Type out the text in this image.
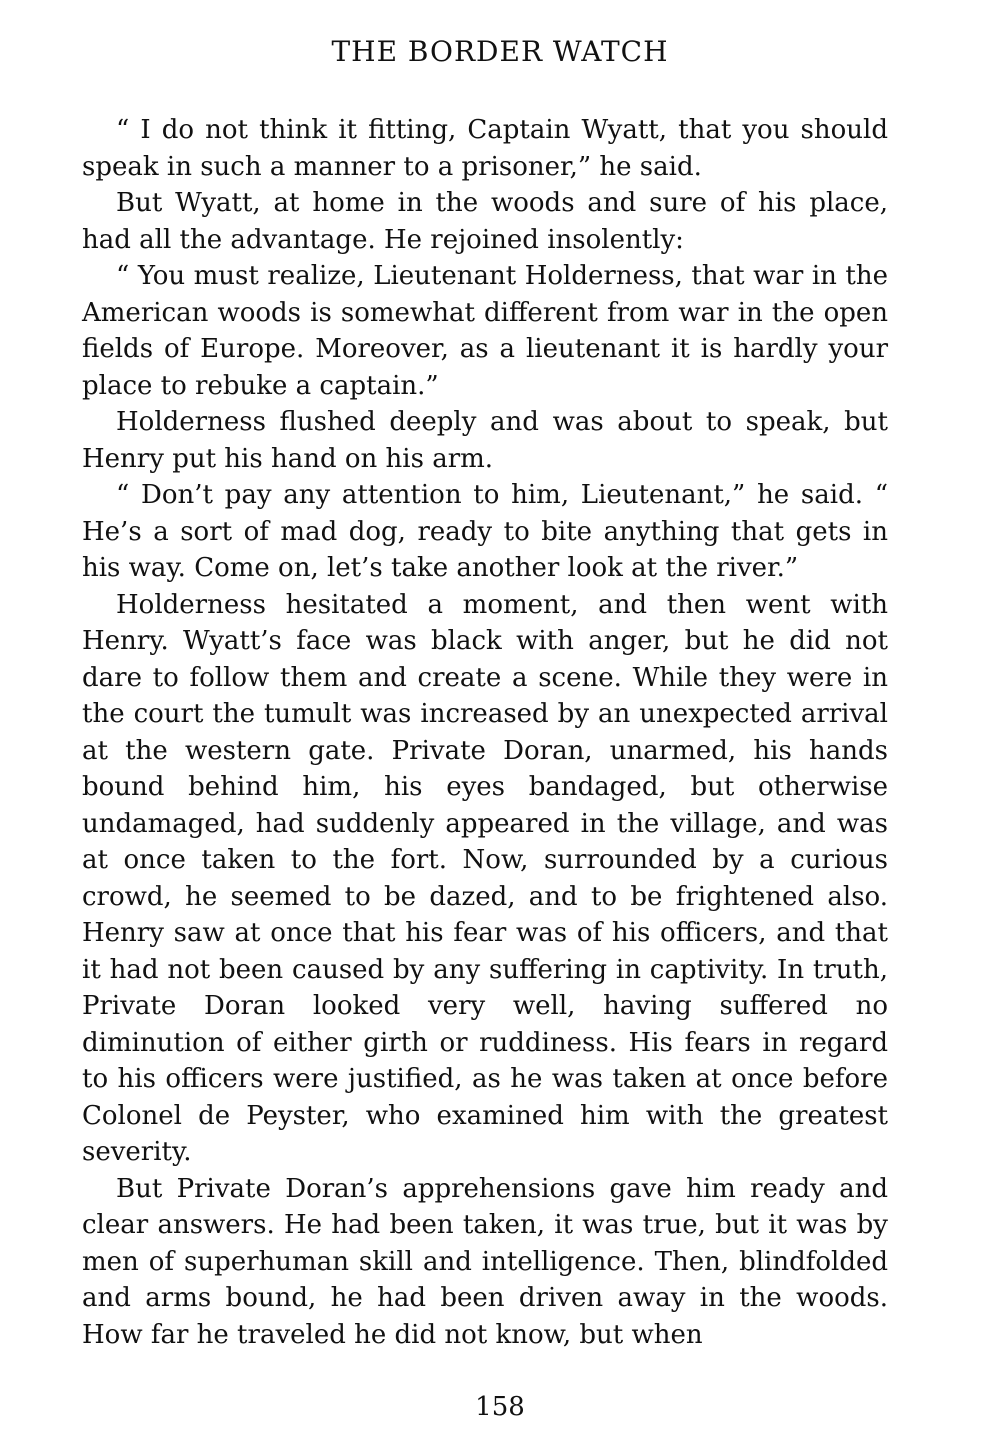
THE BORDER WATCH

“ I do not think it fitting, Captain Wyatt, that you should speak in such a manner to a prisoner,” he said.

But Wyatt, at home in the woods and sure of his place, had all the advantage. He rejoined insolently:

“ You must realize, Lieutenant Holderness, that war in the American woods is somewhat different from war in the open fields of Europe. Moreover, as a lieutenant it is hardly your place to rebuke a captain.”

Holderness flushed deeply and was about to speak, but Henry put his hand on his arm.

“ Don’t pay any attention to him, Lieutenant,” he said. “ He’s a sort of mad dog, ready to bite anything that gets in his way. Come on, let’s take another look at the river.”

Holderness hesitated a moment, and then went with Henry. Wyatt’s face was black with anger, but he did not dare to follow them and create a scene. While they were in the court the tumult was increased by an unexpected arrival at the western gate. Private Doran, unarmed, his hands bound behind him, his eyes bandaged, but otherwise undamaged, had suddenly appeared in the village, and was at once taken to the fort. Now, surrounded by a curious crowd, he seemed to be dazed, and to be frightened also. Henry saw at once that his fear was of his officers, and that it had not been caused by any suffering in captivity. In truth, Private Doran looked very well, having suffered no diminution of either girth or ruddiness. His fears in regard to his officers were justified, as he was taken at once before Colonel de Peyster, who examined him with the greatest severity.

But Private Doran’s apprehensions gave him ready and clear answers. He had been taken, it was true, but it was by men of superhuman skill and intelligence. Then, blindfolded and arms bound, he had been driven away in the woods. How far he traveled he did not know, but when

158
